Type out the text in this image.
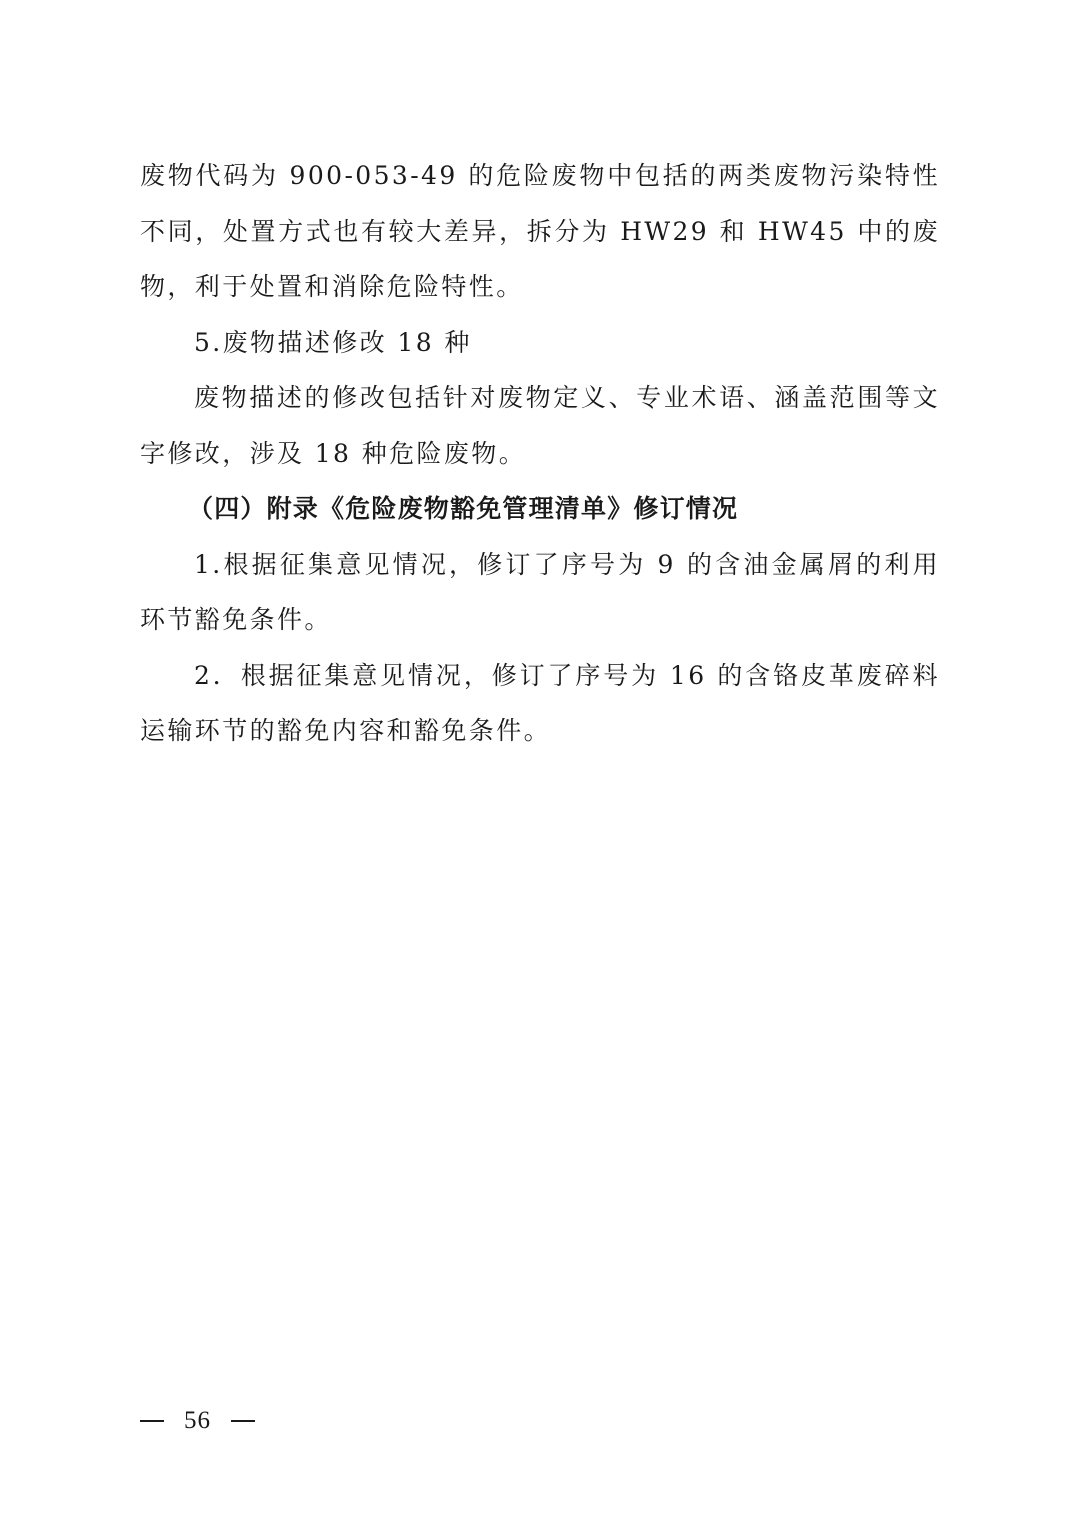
废物代码为 900-053-49 的危险废物中包括的两类废物污染特性不同，处置方式也有较大差异，拆分为 HW29 和 HW45 中的废物，利于处置和消除危险特性。

5.废物描述修改 18 种

废物描述的修改包括针对废物定义、专业术语、涵盖范围等文字修改，涉及 18 种危险废物。

（四）附录《危险废物豁免管理清单》修订情况

1.根据征集意见情况，修订了序号为 9 的含油金属屑的利用环节豁免条件。

2．根据征集意见情况，修订了序号为 16 的含铬皮革废碎料运输环节的豁免内容和豁免条件。

56
